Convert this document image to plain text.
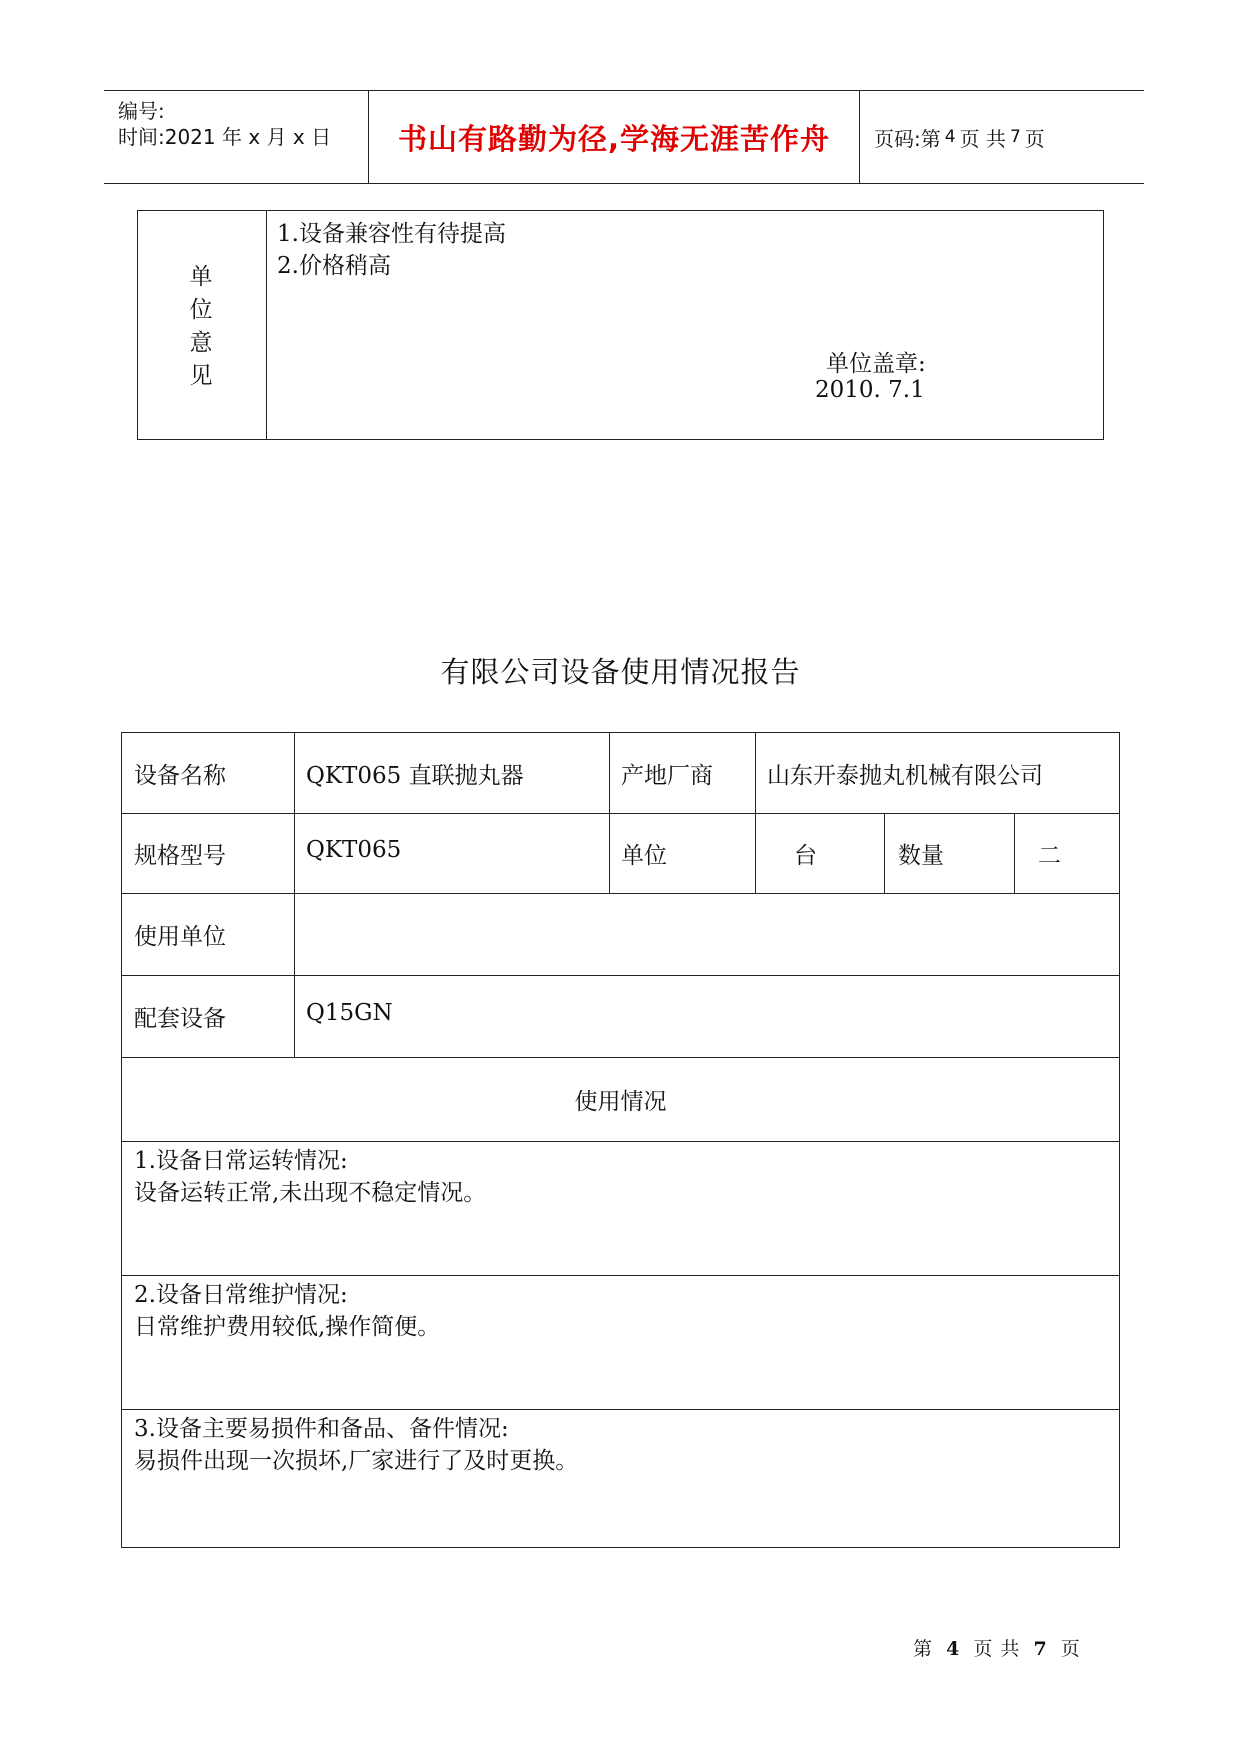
编号:
时间:2021 年 x 月 x 日 书山有路勤为径,学海无涯苦作舟 页码:第 4 页 共 7 页
单
位
意
见
1.设备兼容性有待提高
2.价格稍高
单位盖章:
2010. 7.1
有限公司设备使用情况报告
设备名称	QKT065 直联抛丸器	产地厂商 山东开泰抛丸机械有限公司
规格型号	QKT065	单位	台	数量	二
使用单位
配套设备	Q15GN
使用情况
1.设备日常运转情况:
设备运转正常,未出现不稳定情况。
2.设备日常维护情况:
日常维护费用较低,操作简便。
3.设备主要易损件和备品、备件情况:
易损件出现一次损坏,厂家进行了及时更换。
第 4 页 共 7 页
